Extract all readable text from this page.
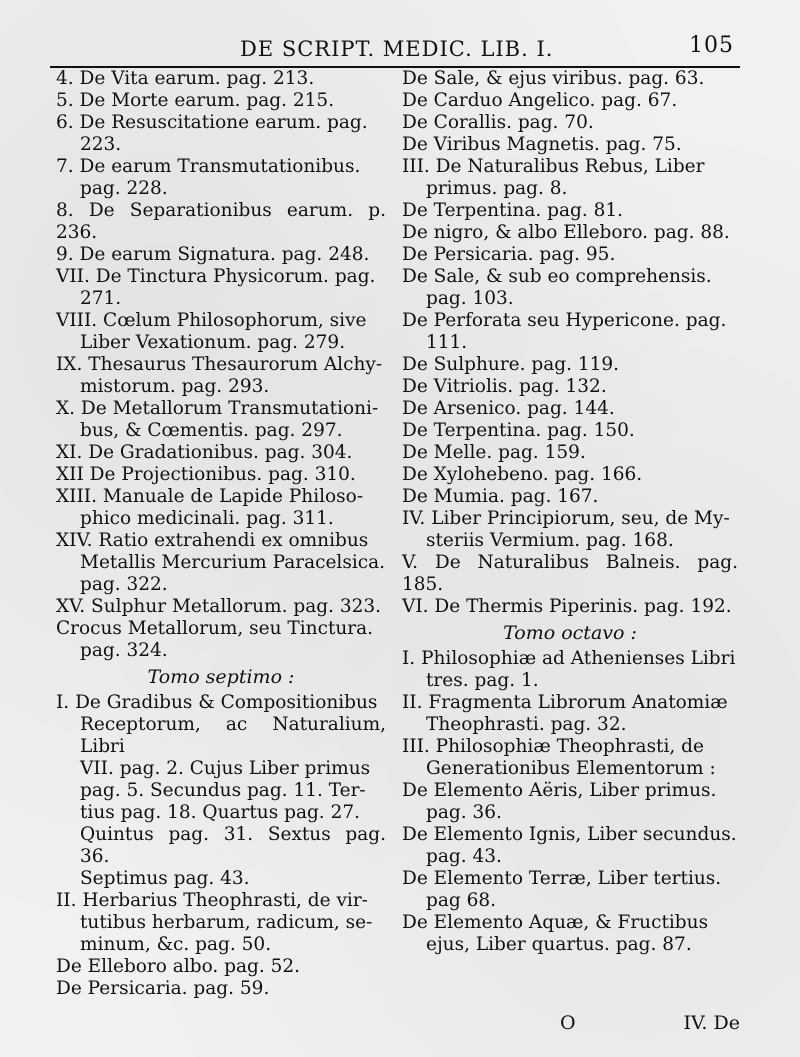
DE SCRIPT. MEDIC. LIB. I.	105
4. De Vita earum. pag. 213.
5. De Morte earum. pag. 215.
6. De Resuscitatione earum. pag.
223.
7. De earum Transmutationibus.
pag. 228.
8. De Separationibus earum. p. 236.
9. De earum Signatura. pag. 248.
VII. De Tinctura Physicorum. pag.
271.
VIII. Cœlum Philosophorum, sive
Liber Vexationum. pag. 279.
IX. Thesaurus Thesaurorum Alchy-
mistorum. pag. 293.
X. De Metallorum Transmutationi-
bus, & Cœmentis. pag. 297.
XI. De Gradationibus. pag. 304.
XII De Projectionibus. pag. 310.
XIII. Manuale de Lapide Philoso-
phico medicinali. pag. 311.
XIV. Ratio extrahendi ex omnibus
Metallis Mercurium Paracelsica.
pag. 322.
XV. Sulphur Metallorum. pag. 323.
Crocus Metallorum, seu Tinctura.
pag. 324.
Tomo septimo :
I. De Gradibus & Compositionibus
Receptorum, ac Naturalium, Libri
VII. pag. 2. Cujus Liber primus
pag. 5. Secundus pag. 11. Ter-
tius pag. 18. Quartus pag. 27.
Quintus pag. 31. Sextus pag. 36.
Septimus pag. 43.
II. Herbarius Theophrasti, de vir-
tutibus herbarum, radicum, se-
minum, &c. pag. 50.
De Elleboro albo. pag. 52.
De Persicaria. pag. 59.
De Sale, & ejus viribus. pag. 63.
De Carduo Angelico. pag. 67.
De Corallis. pag. 70.
De Viribus Magnetis. pag. 75.
III. De Naturalibus Rebus, Liber
primus. pag. 8.
De Terpentina. pag. 81.
De nigro, & albo Elleboro. pag. 88.
De Persicaria. pag. 95.
De Sale, & sub eo comprehensis.
pag. 103.
De Perforata seu Hypericone. pag.
111.
De Sulphure. pag. 119.
De Vitriolis. pag. 132.
De Arsenico. pag. 144.
De Terpentina. pag. 150.
De Melle. pag. 159.
De Xylohebeno. pag. 166.
De Mumia. pag. 167.
IV. Liber Principiorum, seu, de My-
steriis Vermium. pag. 168.
V. De Naturalibus Balneis. pag. 185.
VI. De Thermis Piperinis. pag. 192.
Tomo octavo :
I. Philosophiæ ad Athenienses Libri
tres. pag. 1.
II. Fragmenta Librorum Anatomiæ
Theophrasti. pag. 32.
III. Philosophiæ Theophrasti, de
Generationibus Elementorum :
De Elemento Aëris, Liber primus.
pag. 36.
De Elemento Ignis, Liber secundus.
pag. 43.
De Elemento Terræ, Liber tertius.
pag 68.
De Elemento Aquæ, & Fructibus
ejus, Liber quartus. pag. 87.
O	IV. De
